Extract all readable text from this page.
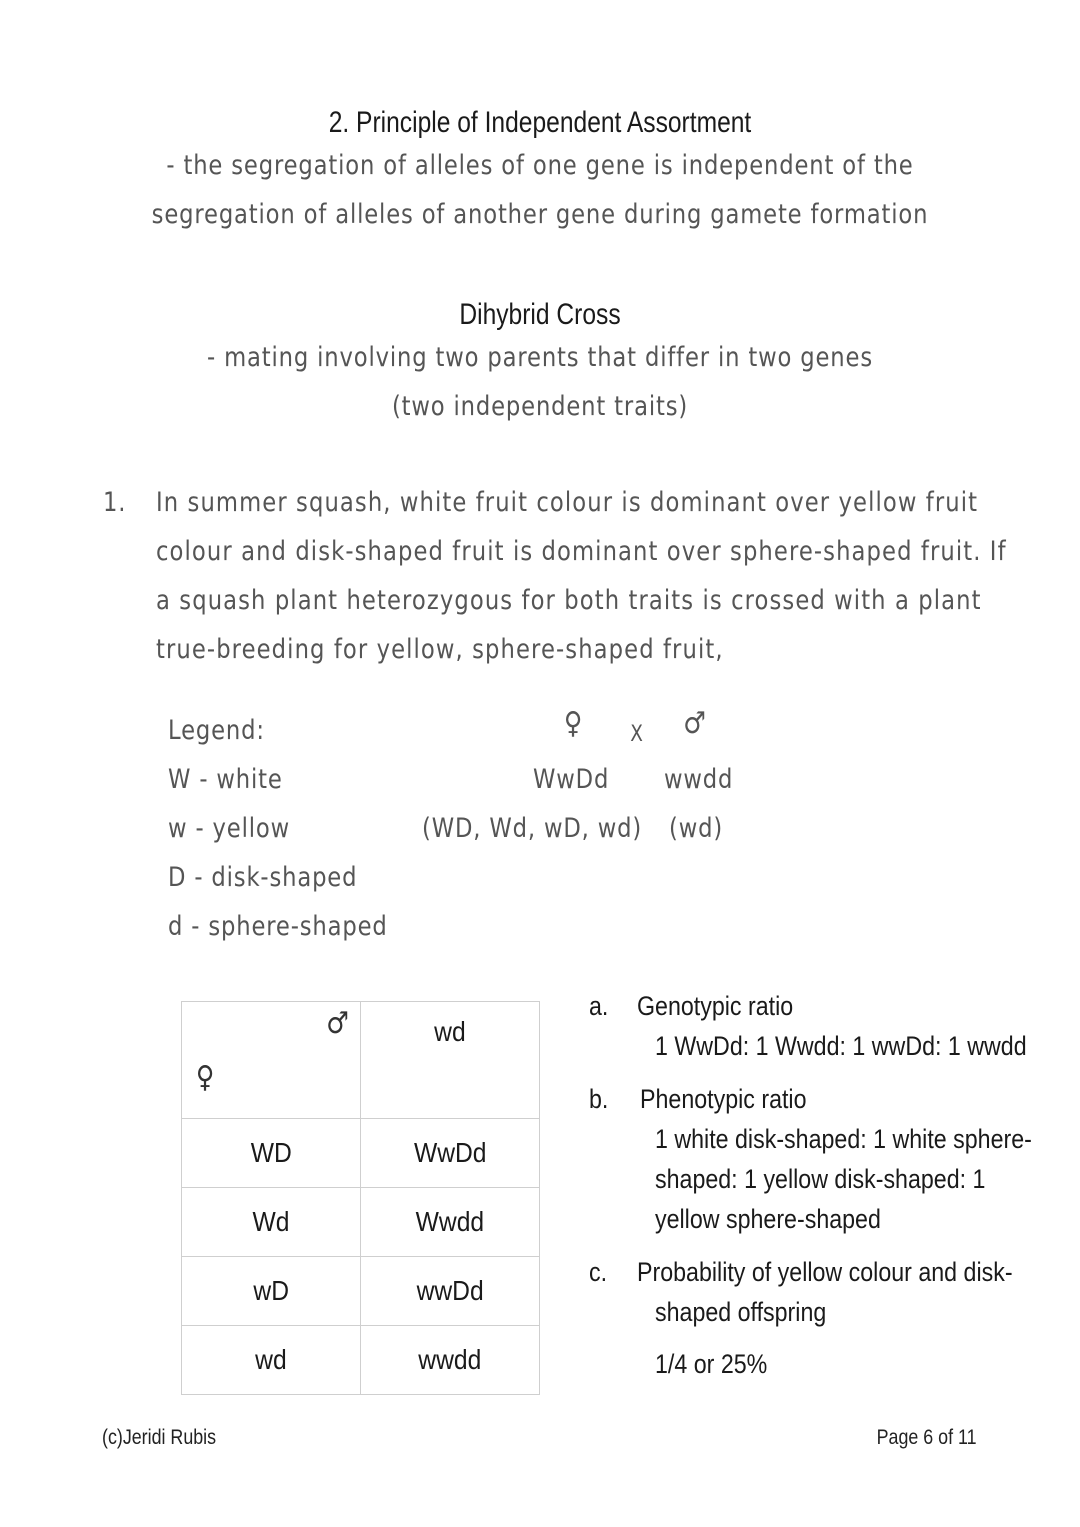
2. Principle of Independent Assortment
- the segregation of alleles of one gene is independent of the
segregation of alleles of another gene during gamete formation
Dihybrid Cross
- mating involving two parents that differ in two genes
(two independent traits)
1. In summer squash, white fruit colour is dominant over yellow fruit
colour and disk-shaped fruit is dominant over sphere-shaped fruit. If
a squash plant heterozygous for both traits is crossed with a plant
true-breeding for yellow, sphere-shaped fruit,
Legend:
W - white
w - yellow
D - disk-shaped
d - sphere-shaped
♀ X ♂
WwDd wwdd
(WD, Wd, wD, wd) (wd)
♂
♀	wd
WD	WwDd
Wd	Wwdd
wD	wwDd
wd	wwdd
a. Genotypic ratio
1 WwDd: 1 Wwdd: 1 wwDd: 1 wwdd
b. Phenotypic ratio
1 white disk-shaped: 1 white sphere-
shaped: 1 yellow disk-shaped: 1
yellow sphere-shaped
c. Probability of yellow colour and disk-
shaped offspring
1/4 or 25%
(c)Jeridi Rubis	Page 6 of 11
